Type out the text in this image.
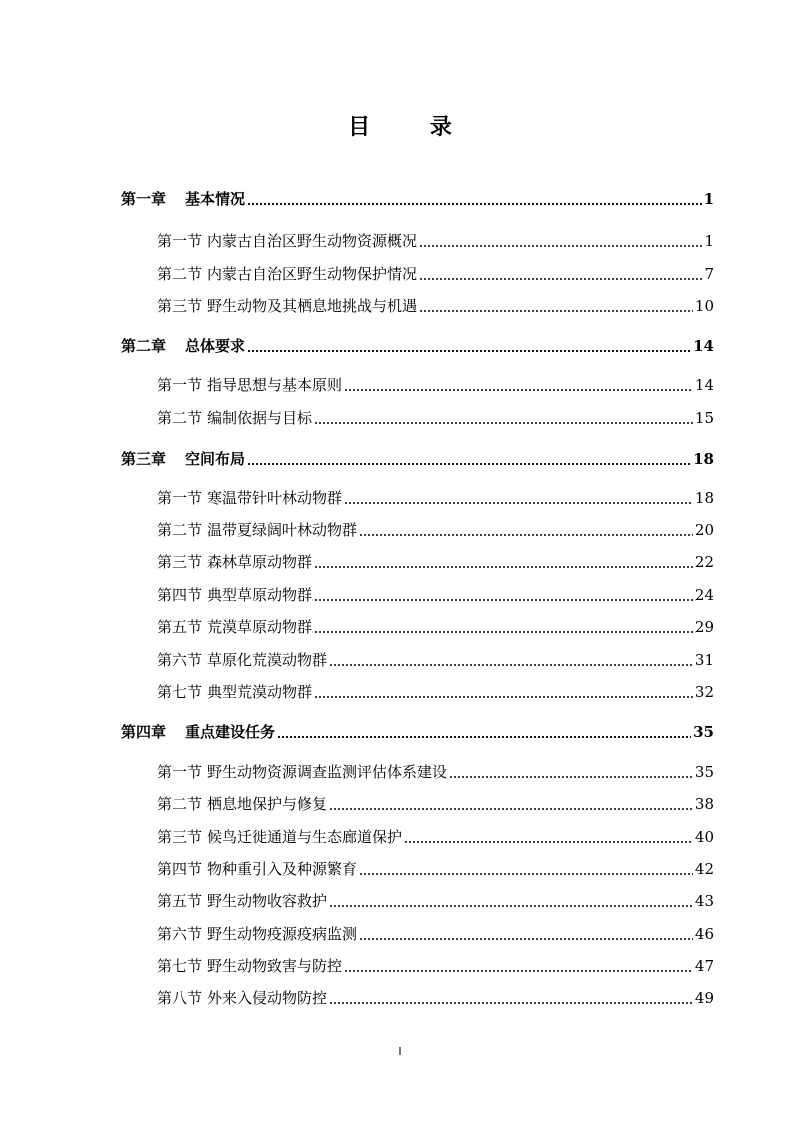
目 录
第一章	基本情况	1
第一节 内蒙古自治区野生动物资源概况	1
第二节 内蒙古自治区野生动物保护情况	7
第三节 野生动物及其栖息地挑战与机遇	10
第二章	总体要求	14
第一节 指导思想与基本原则	14
第二节 编制依据与目标	15
第三章	空间布局	18
第一节 寒温带针叶林动物群	18
第二节 温带夏绿阔叶林动物群	20
第三节 森林草原动物群	22
第四节 典型草原动物群	24
第五节 荒漠草原动物群	29
第六节 草原化荒漠动物群	31
第七节 典型荒漠动物群	32
第四章	重点建设任务	35
第一节 野生动物资源调查监测评估体系建设	35
第二节 栖息地保护与修复	38
第三节 候鸟迁徙通道与生态廊道保护	40
第四节 物种重引入及种源繁育	42
第五节 野生动物收容救护	43
第六节 野生动物疫源疫病监测	46
第七节 野生动物致害与防控	47
第八节 外来入侵动物防控	49
I
